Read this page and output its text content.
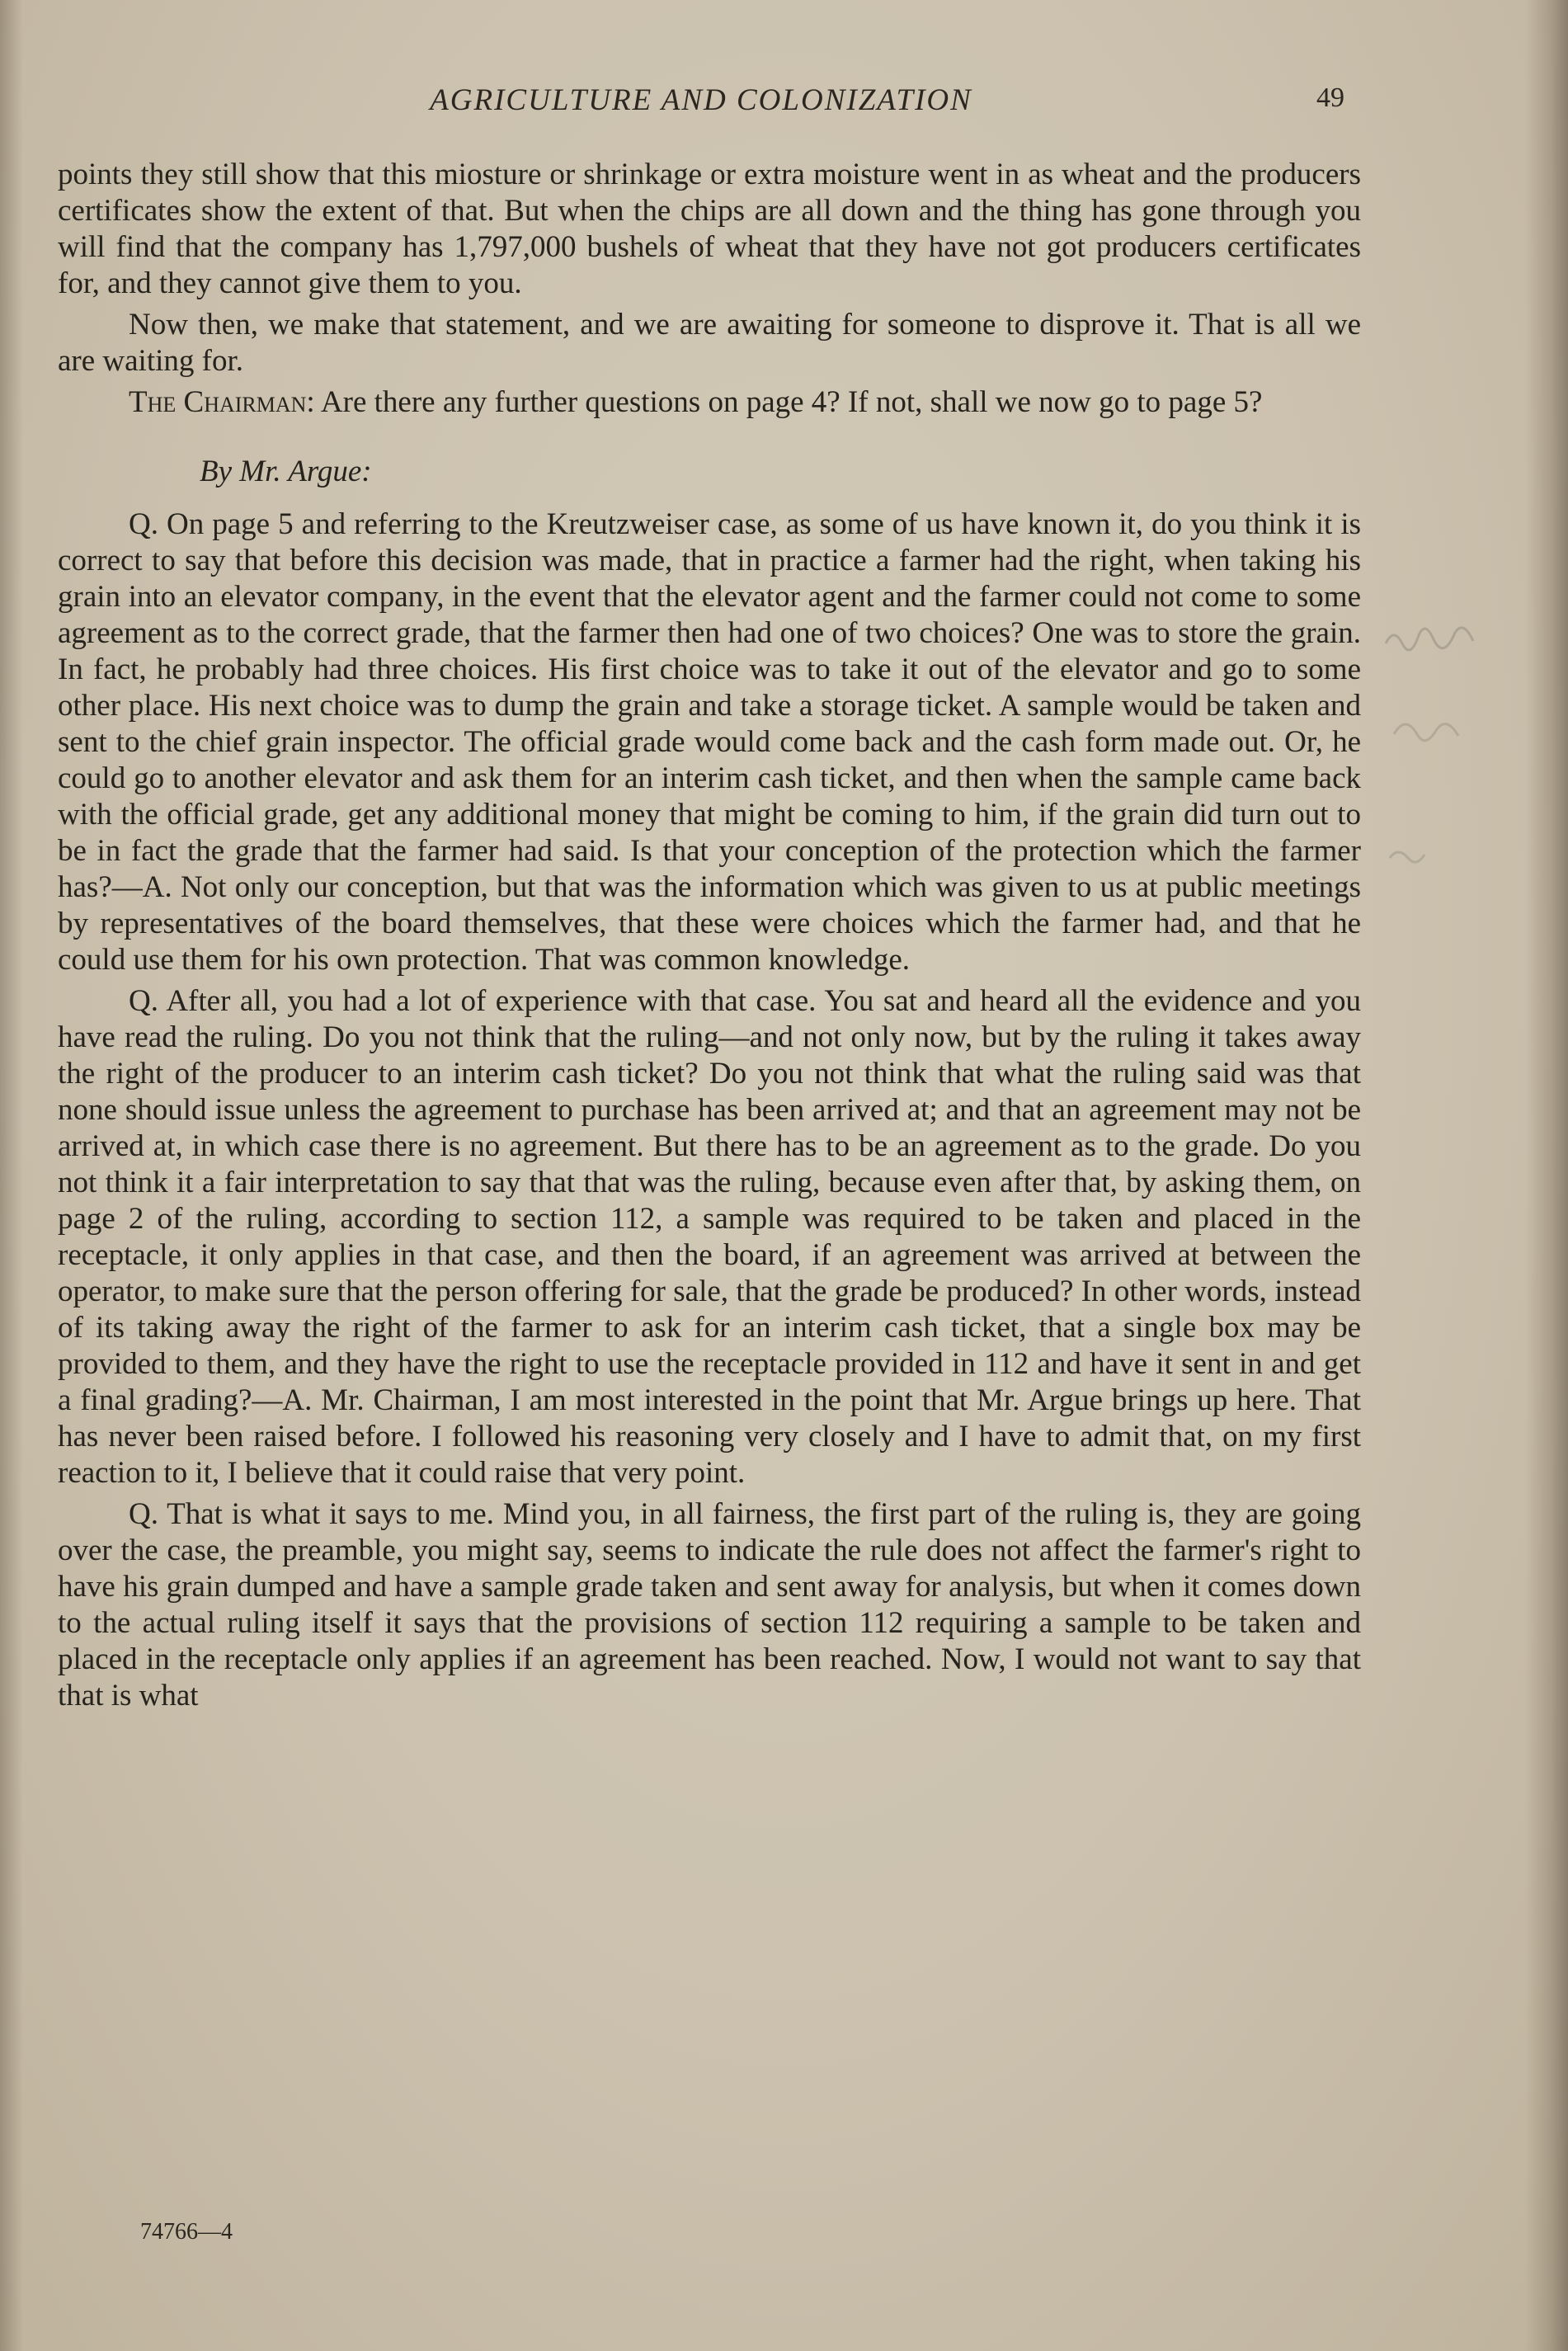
AGRICULTURE AND COLONIZATION	49

points they still show that this miosture or shrinkage or extra moisture went in as wheat and the producers certificates show the extent of that. But when the chips are all down and the thing has gone through you will find that the company has 1,797,000 bushels of wheat that they have not got producers certificates for, and they cannot give them to you.

Now then, we make that statement, and we are awaiting for someone to disprove it. That is all we are waiting for.

The Chairman: Are there any further questions on page 4? If not, shall we now go to page 5?

By Mr. Argue:

Q. On page 5 and referring to the Kreutzweiser case, as some of us have known it, do you think it is correct to say that before this decision was made, that in practice a farmer had the right, when taking his grain into an elevator company, in the event that the elevator agent and the farmer could not come to some agreement as to the correct grade, that the farmer then had one of two choices? One was to store the grain. In fact, he probably had three choices. His first choice was to take it out of the elevator and go to some other place. His next choice was to dump the grain and take a storage ticket. A sample would be taken and sent to the chief grain inspector. The official grade would come back and the cash form made out. Or, he could go to another elevator and ask them for an interim cash ticket, and then when the sample came back with the official grade, get any additional money that might be coming to him, if the grain did turn out to be in fact the grade that the farmer had said. Is that your conception of the protection which the farmer has?—A. Not only our conception, but that was the information which was given to us at public meetings by representatives of the board themselves, that these were choices which the farmer had, and that he could use them for his own protection. That was common knowledge.

Q. After all, you had a lot of experience with that case. You sat and heard all the evidence and you have read the ruling. Do you not think that the ruling—and not only now, but by the ruling it takes away the right of the producer to an interim cash ticket? Do you not think that what the ruling said was that none should issue unless the agreement to purchase has been arrived at; and that an agreement may not be arrived at, in which case there is no agreement. But there has to be an agreement as to the grade. Do you not think it a fair interpretation to say that that was the ruling, because even after that, by asking them, on page 2 of the ruling, according to section 112, a sample was required to be taken and placed in the receptacle, it only applies in that case, and then the board, if an agreement was arrived at between the operator, to make sure that the person offering for sale, that the grade be produced? In other words, instead of its taking away the right of the farmer to ask for an interim cash ticket, that a single box may be provided to them, and they have the right to use the receptacle provided in 112 and have it sent in and get a final grading?—A. Mr. Chairman, I am most interested in the point that Mr. Argue brings up here. That has never been raised before. I followed his reasoning very closely and I have to admit that, on my first reaction to it, I believe that it could raise that very point.

Q. That is what it says to me. Mind you, in all fairness, the first part of the ruling is, they are going over the case, the preamble, you might say, seems to indicate the rule does not affect the farmer's right to have his grain dumped and have a sample grade taken and sent away for analysis, but when it comes down to the actual ruling itself it says that the provisions of section 112 requiring a sample to be taken and placed in the receptacle only applies if an agreement has been reached. Now, I would not want to say that that is what

74766—4
